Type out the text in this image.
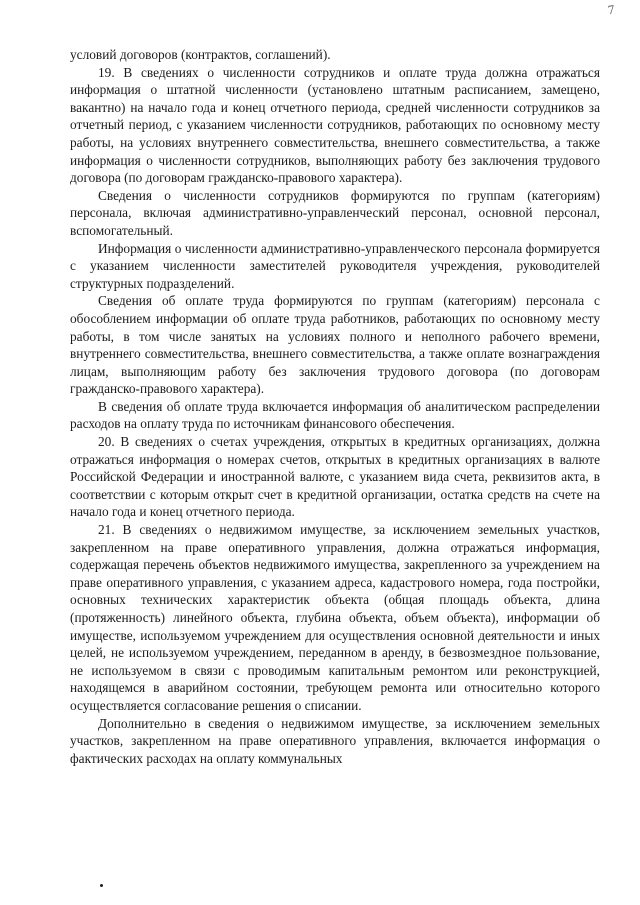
7

условий договоров (контрактов, соглашений).

19. В сведениях о численности сотрудников и оплате труда должна отражаться информация о штатной численности (установлено штатным расписанием, замещено, вакантно) на начало года и конец отчетного периода, средней численности сотрудников за отчетный период, с указанием численности сотрудников, работающих по основному месту работы, на условиях внутреннего совместительства, внешнего совместительства, а также информация о численности сотрудников, выполняющих работу без заключения трудового договора (по договорам гражданско-правового характера).

Сведения о численности сотрудников формируются по группам (категориям) персонала, включая административно-управленческий персонал, основной персонал, вспомогательный.

Информация о численности административно-управленческого персонала формируется с указанием численности заместителей руководителя учреждения, руководителей структурных подразделений.

Сведения об оплате труда формируются по группам (категориям) персонала с обособлением информации об оплате труда работников, работающих по основному месту работы, в том числе занятых на условиях полного и неполного рабочего времени, внутреннего совместительства, внешнего совместительства, а также оплате вознаграждения лицам, выполняющим работу без заключения трудового договора (по договорам гражданско-правового характера).

В сведения об оплате труда включается информация об аналитическом распределении расходов на оплату труда по источникам финансового обеспечения.

20. В сведениях о счетах учреждения, открытых в кредитных организациях, должна отражаться информация о номерах счетов, открытых в кредитных организациях в валюте Российской Федерации и иностранной валюте, с указанием вида счета, реквизитов акта, в соответствии с которым открыт счет в кредитной организации, остатка средств на счете на начало года и конец отчетного периода.

21. В сведениях о недвижимом имуществе, за исключением земельных участков, закрепленном на праве оперативного управления, должна отражаться информация, содержащая перечень объектов недвижимого имущества, закрепленного за учреждением на праве оперативного управления, с указанием адреса, кадастрового номера, года постройки, основных технических характеристик объекта (общая площадь объекта, длина (протяженность) линейного объекта, глубина объекта, объем объекта), информации об имуществе, используемом учреждением для осуществления основной деятельности и иных целей, не используемом учреждением, переданном в аренду, в безвозмездное пользование, не используемом в связи с проводимым капитальным ремонтом или реконструкцией, находящемся в аварийном состоянии, требующем ремонта или относительно которого осуществляется согласование решения о списании.

Дополнительно в сведения о недвижимом имуществе, за исключением земельных участков, закрепленном на праве оперативного управления, включается информация о фактических расходах на оплату коммунальных
